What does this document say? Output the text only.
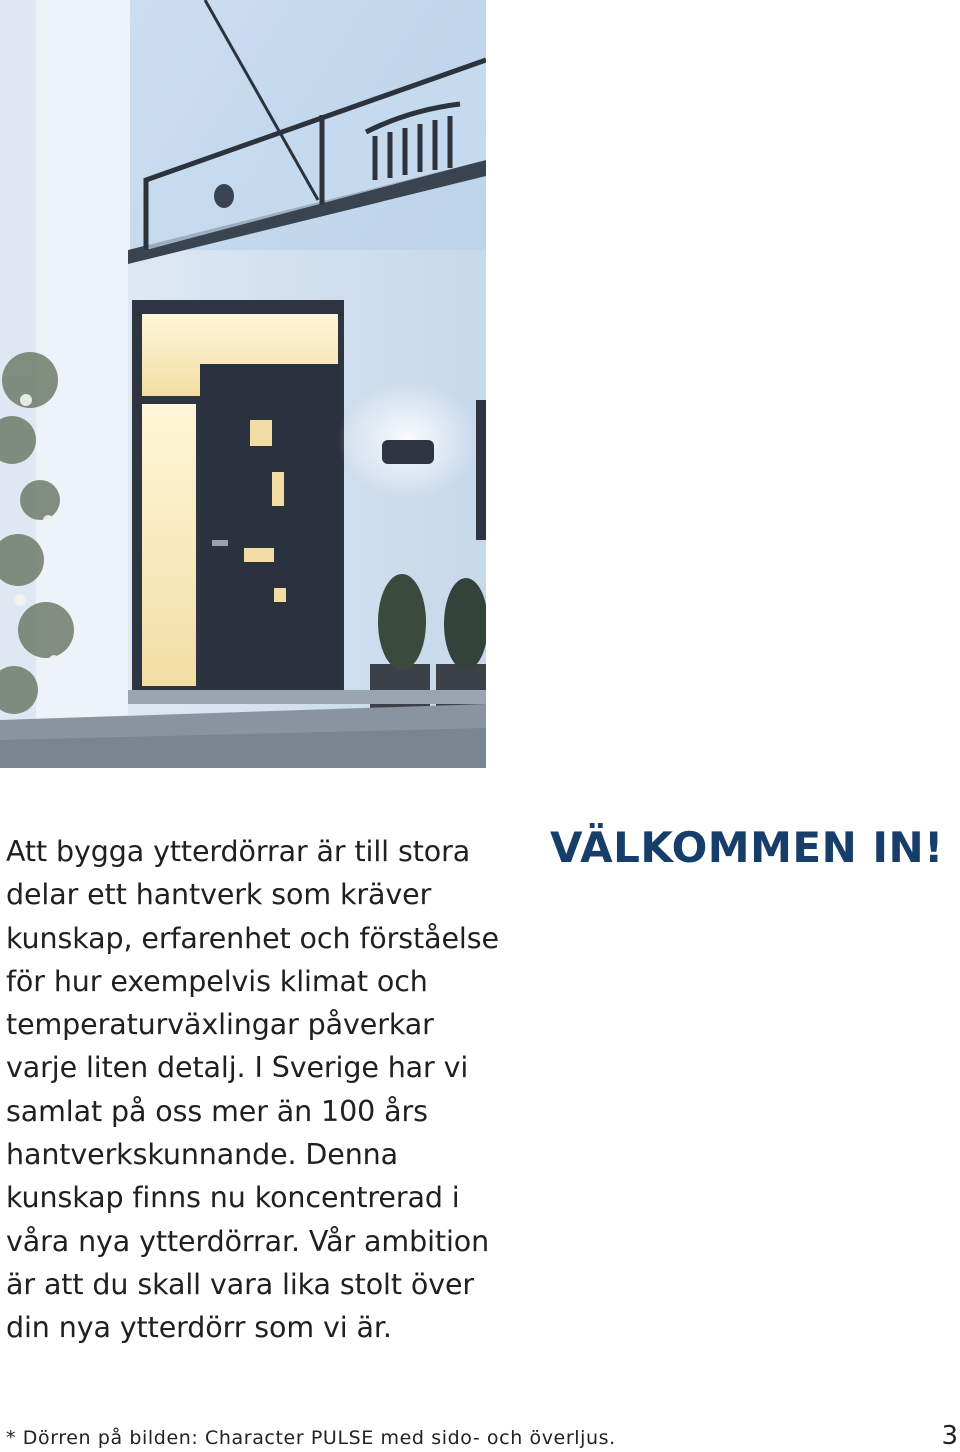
VÄLKOMMEN IN!

Att bygga ytterdörrar är till stora delar ett hantverk som kräver kunskap, erfarenhet och förståelse för hur exempelvis klimat och temperaturväxlingar påverkar varje liten detalj. I Sverige har vi samlat på oss mer än 100 års hantverkskunnande. Denna kunskap finns nu koncentrerad i våra nya ytterdörrar. Vår ambition är att du skall vara lika stolt över din nya ytterdörr som vi är.

* Dörren på bilden: Character PULSE med sido- och överljus.	3
